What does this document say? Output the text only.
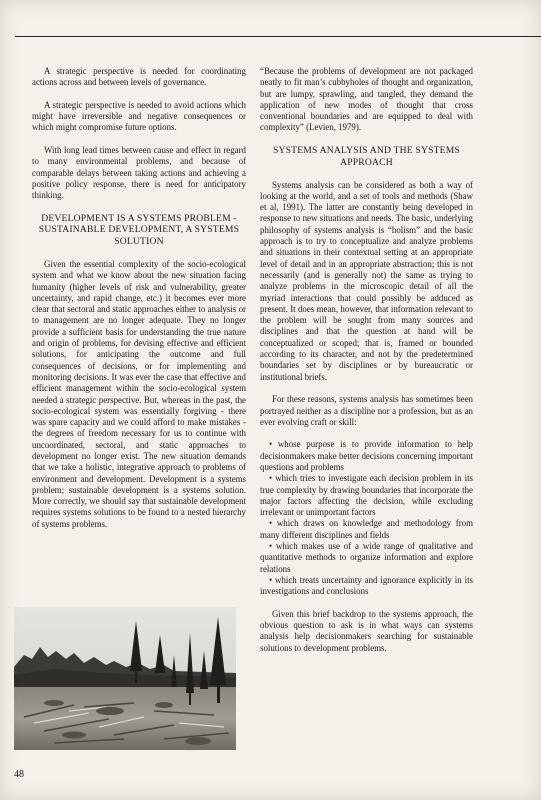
A strategic perspective is needed for coordinating actions across and between levels of governance.

A strategic perspective is needed to avoid actions which might have irreversible and negative consequences or which might compromise future options.

With long lead times between cause and effect in regard to many environmental problems, and because of comparable delays between taking actions and achieving a positive policy response, there is need for anticipatory thinking.

DEVELOPMENT IS A SYSTEMS PROBLEM - SUSTAINABLE DEVELOPMENT, A SYSTEMS SOLUTION

Given the essential complexity of the socio-ecological system and what we know about the new situation facing humanity (higher levels of risk and vulnerability, greater uncertainty, and rapid change, etc.) it becomes ever more clear that sectoral and static approaches either to analysis or to management are no longer adequate. They no longer provide a sufficient basis for understanding the true nature and origin of problems, for devising effective and efficient solutions, for anticipating the outcome and full consequences of decisions, or for implementing and monitoring decisions. It was ever the case that effective and efficient management within the socio-ecological system needed a strategic perspective. But, whereas in the past, the socio-ecological system was essentially forgiving - there was spare capacity and we could afford to make mistakes - the degrees of freedom necessary for us to continue with uncoordinated, sectoral, and static approaches to development no longer exist. The new situation demands that we take a holistic, integrative approach to problems of environment and development. Development is a systems problem; sustainable development is a systems solution. More correctly, we should say that sustainable development requires systems solutions to be found to a nested hierarchy of systems problems.

“Because the problems of development are not packaged neatly to fit man’s cubbyholes of thought and organization, but are lumpy, sprawling, and tangled, they demand the application of new modes of thought that cross conventional boundaries and are equipped to deal with complexity” (Levien, 1979).

SYSTEMS ANALYSIS AND THE SYSTEMS APPROACH

Systems analysis can be considered as both a way of looking at the world, and a set of tools and methods (Shaw et al, 1991). The latter are constantly being developed in response to new situations and needs. The basic, underlying philosophy of systems analysis is “holism” and the basic approach is to try to conceptualize and analyze problems and situations in their contextual setting at an appropriate level of detail and in an appropriate abstraction; this is not necessarily (and is generally not) the same as trying to analyze problems in the microscopic detail of all the myriad interactions that could possibly be adduced as present. It does mean, however, that information relevant to the problem will be sought from many sources and disciplines and that the question at hand will be conceptualized or scoped; that is, framed or bounded according to its character, and not by the predetermined boundaries set by disciplines or by bureaucratic or institutional briefs.

For these reasons, systems analysis has sometimes been portrayed neither as a discipline nor a profession, but as an ever evolving craft or skill:

• whose purpose is to provide information to help decisionmakers make better decisions concerning important questions and problems
• which tries to investigate each decision problem in its true complexity by drawing boundaries that incorporate the major factors affecting the decision, while excluding irrelevant or unimportant factors
• which draws on knowledge and methodology from many different disciplines and fields
• which makes use of a wide range of qualitative and quantitative methods to organize information and explore relations
• which treats uncertainty and ignorance explicitly in its investigations and conclusions

Given this brief backdrop to the systems approach, the obvious question to ask is in what ways can systems analysis help decisionmakers searching for sustainable solutions to development problems.

48
